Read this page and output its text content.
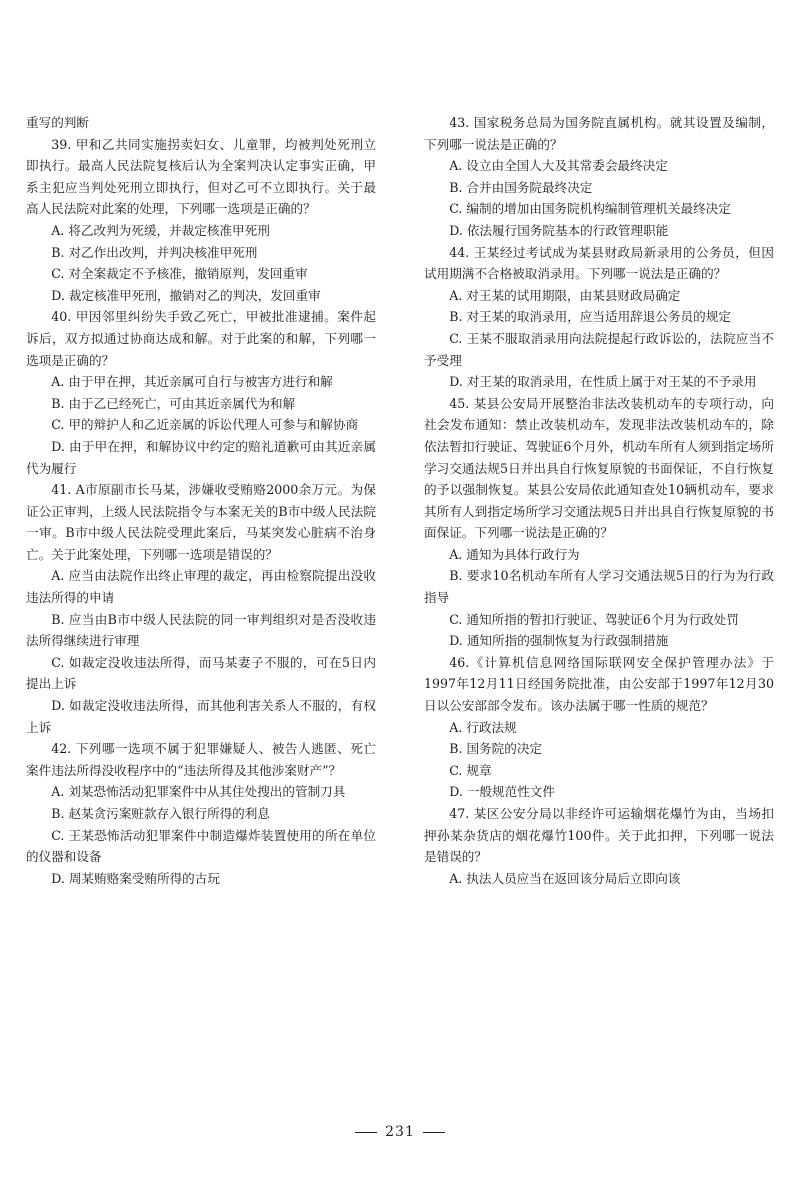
重写的判断

39. 甲和乙共同实施拐卖妇女、儿童罪，均被判处死刑立即执行。最高人民法院复核后认为全案判决认定事实正确，甲系主犯应当判处死刑立即执行，但对乙可不立即执行。关于最高人民法院对此案的处理，下列哪一选项是正确的？

A. 将乙改判为死缓，并裁定核准甲死刑

B. 对乙作出改判，并判决核准甲死刑

C. 对全案裁定不予核准，撤销原判，发回重审

D. 裁定核准甲死刑，撤销对乙的判决，发回重审

40. 甲因邻里纠纷失手致乙死亡，甲被批准逮捕。案件起诉后，双方拟通过协商达成和解。对于此案的和解，下列哪一选项是正确的？

A. 由于甲在押，其近亲属可自行与被害方进行和解

B. 由于乙已经死亡，可由其近亲属代为和解

C. 甲的辩护人和乙近亲属的诉讼代理人可参与和解协商

D. 由于甲在押，和解协议中约定的赔礼道歉可由其近亲属代为履行

41. A市原副市长马某，涉嫌收受贿赂2000余万元。为保证公正审判，上级人民法院指令与本案无关的B市中级人民法院一审。B市中级人民法院受理此案后，马某突发心脏病不治身亡。关于此案处理，下列哪一选项是错误的？

A. 应当由法院作出终止审理的裁定，再由检察院提出没收违法所得的申请

B. 应当由B市中级人民法院的同一审判组织对是否没收违法所得继续进行审理

C. 如裁定没收违法所得，而马某妻子不服的，可在5日内提出上诉

D. 如裁定没收违法所得，而其他利害关系人不服的，有权上诉

42. 下列哪一选项不属于犯罪嫌疑人、被告人逃匿、死亡案件违法所得没收程序中的“违法所得及其他涉案财产”？

A. 刘某恐怖活动犯罪案件中从其住处搜出的管制刀具

B. 赵某贪污案赃款存入银行所得的利息

C. 王某恐怖活动犯罪案件中制造爆炸装置使用的所在单位的仪器和设备

D. 周某贿赂案受贿所得的古玩

43. 国家税务总局为国务院直属机构。就其设置及编制，下列哪一说法是正确的？

A. 设立由全国人大及其常委会最终决定

B. 合并由国务院最终决定

C. 编制的增加由国务院机构编制管理机关最终决定

D. 依法履行国务院基本的行政管理职能

44. 王某经过考试成为某县财政局新录用的公务员，但因试用期满不合格被取消录用。下列哪一说法是正确的？

A. 对王某的试用期限，由某县财政局确定

B. 对王某的取消录用，应当适用辞退公务员的规定

C. 王某不服取消录用向法院提起行政诉讼的，法院应当不予受理

D. 对王某的取消录用，在性质上属于对王某的不予录用

45. 某县公安局开展整治非法改装机动车的专项行动，向社会发布通知：禁止改装机动车，发现非法改装机动车的，除依法暂扣行驶证、驾驶证6个月外，机动车所有人须到指定场所学习交通法规5日并出具自行恢复原貌的书面保证，不自行恢复的予以强制恢复。某县公安局依此通知查处10辆机动车，要求其所有人到指定场所学习交通法规5日并出具自行恢复原貌的书面保证。下列哪一说法是正确的？

A. 通知为具体行政行为

B. 要求10名机动车所有人学习交通法规5日的行为为行政指导

C. 通知所指的暂扣行驶证、驾驶证6个月为行政处罚

D. 通知所指的强制恢复为行政强制措施

46.《计算机信息网络国际联网安全保护管理办法》于1997年12月11日经国务院批准，由公安部于1997年12月30日以公安部部令发布。该办法属于哪一性质的规范？

A. 行政法规

B. 国务院的决定

C. 规章

D. 一般规范性文件

47. 某区公安分局以非经许可运输烟花爆竹为由，当场扣押孙某杂货店的烟花爆竹100件。关于此扣押，下列哪一说法是错误的？

A. 执法人员应当在返回该分局后立即向该

231
